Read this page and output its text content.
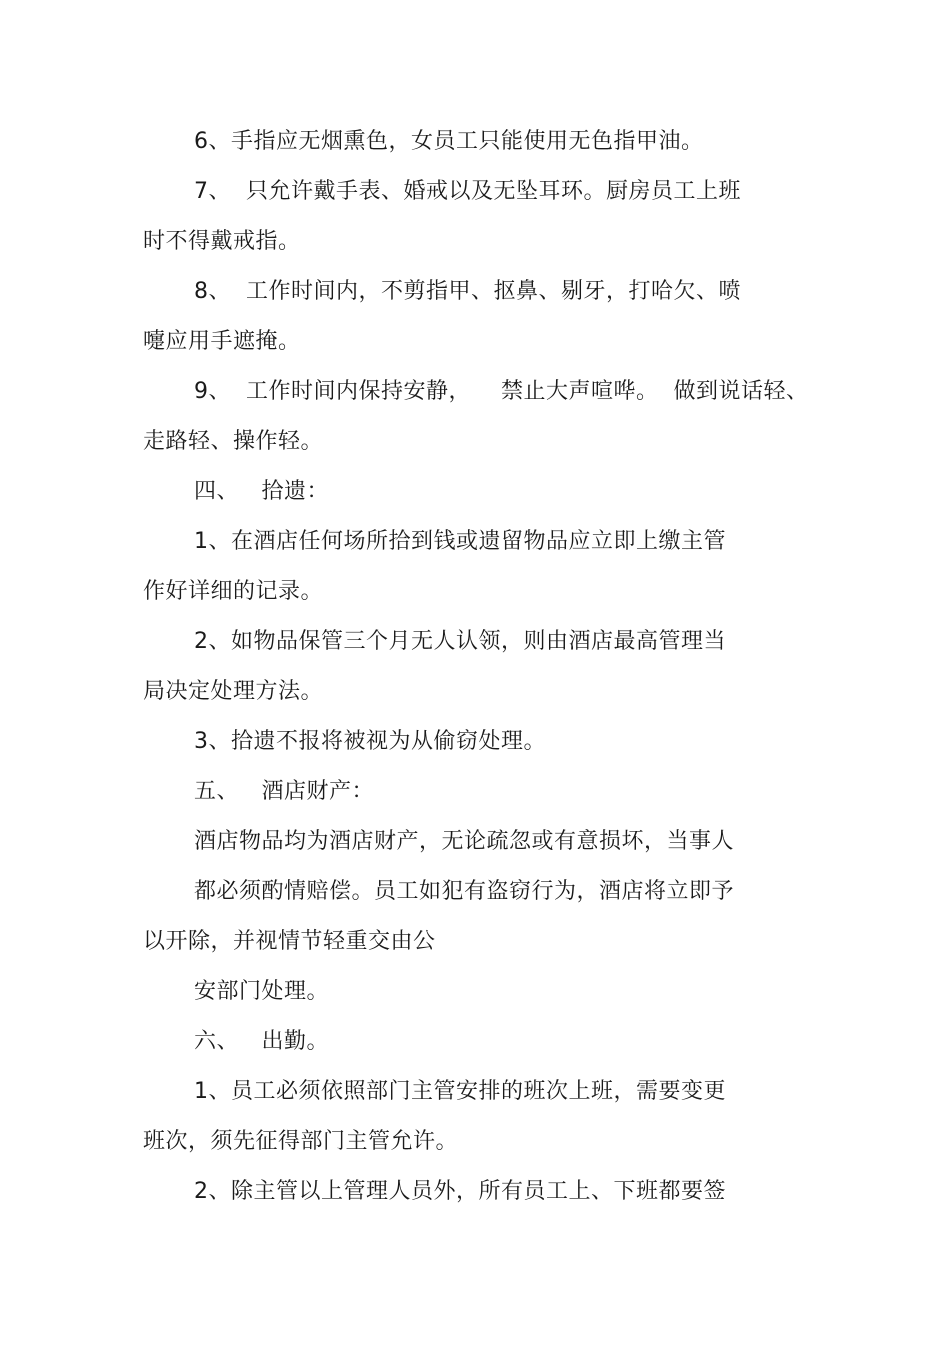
6、手指应无烟熏色，女员工只能使用无色指甲油。
7、  只允许戴手表、婚戒以及无坠耳环。厨房员工上班
时不得戴戒指。
8、  工作时间内，不剪指甲、抠鼻、剔牙，打哈欠、喷
嚏应用手遮掩。
9、  工作时间内保持安静，    禁止大声喧哗。  做到说话轻、
走路轻、操作轻。
四、   拾遗：
1、在酒店任何场所拾到钱或遗留物品应立即上缴主管
作好详细的记录。
2、如物品保管三个月无人认领，则由酒店最高管理当
局决定处理方法。
3、拾遗不报将被视为从偷窃处理。
五、   酒店财产：
酒店物品均为酒店财产，无论疏忽或有意损坏，当事人
都必须酌情赔偿。员工如犯有盗窃行为，酒店将立即予
以开除，并视情节轻重交由公
安部门处理。
六、   出勤。
1、员工必须依照部门主管安排的班次上班，需要变更
班次，须先征得部门主管允许。
2、除主管以上管理人员外，所有员工上、下班都要签
